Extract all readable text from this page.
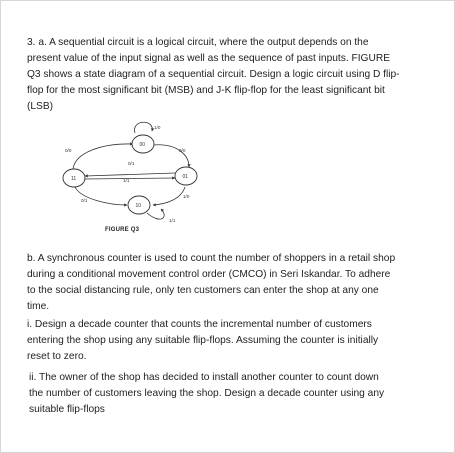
3. a. A sequential circuit is a logical circuit, where the output depends on the
present value of the input signal as well as the sequence of past inputs. FIGURE
Q3 shows a state diagram of a sequential circuit. Design a logic circuit using D flip-
flop for the most significant bit (MSB) and J-K flip-flop for the least significant bit
(LSB)

00
01
10
11
1/0
0/0
0/1
0/0
1/1
0/1
1/0
1/1
FIGURE Q3

b. A synchronous counter is used to count the number of shoppers in a retail shop
during a conditional movement control order (CMCO) in Seri Iskandar. To adhere
to the social distancing rule, only ten customers can enter the shop at any one
time.

i. Design a decade counter that counts the incremental number of customers
entering the shop using any suitable flip-flops. Assuming the counter is initially
reset to zero.

ii. The owner of the shop has decided to install another counter to count down
the number of customers leaving the shop. Design a decade counter using any
suitable flip-flops
